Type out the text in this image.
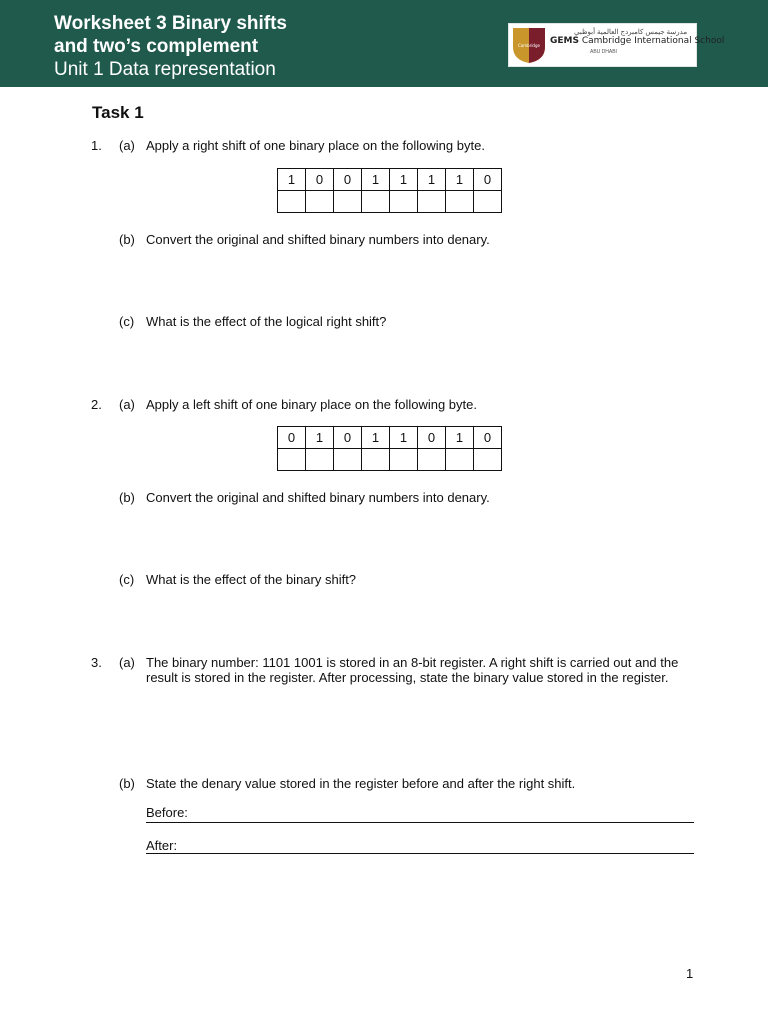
Worksheet 3 Binary shifts
and two’s complement
Unit 1 Data representation
Cambridge
مدرسة جيمس كامبردج العالمية أبوظبي
GEMS Cambridge International School
ABU DHABI
Task 1
1. (a) Apply a right shift of one binary place on the following byte.
1	0	0	1	1	1	1	0

(b) Convert the original and shifted binary numbers into denary.
(c) What is the effect of the logical right shift?
2. (a) Apply a left shift of one binary place on the following byte.
0	1	0	1	1	0	1	0

(b) Convert the original and shifted binary numbers into denary.
(c) What is the effect of the binary shift?
3. (a) The binary number: 1101 1001 is stored in an 8-bit register. A right shift is carried out and the result is stored in the register. After processing, state the binary value stored in the register.
(b) State the denary value stored in the register before and after the right shift.
Before:
After:
1
